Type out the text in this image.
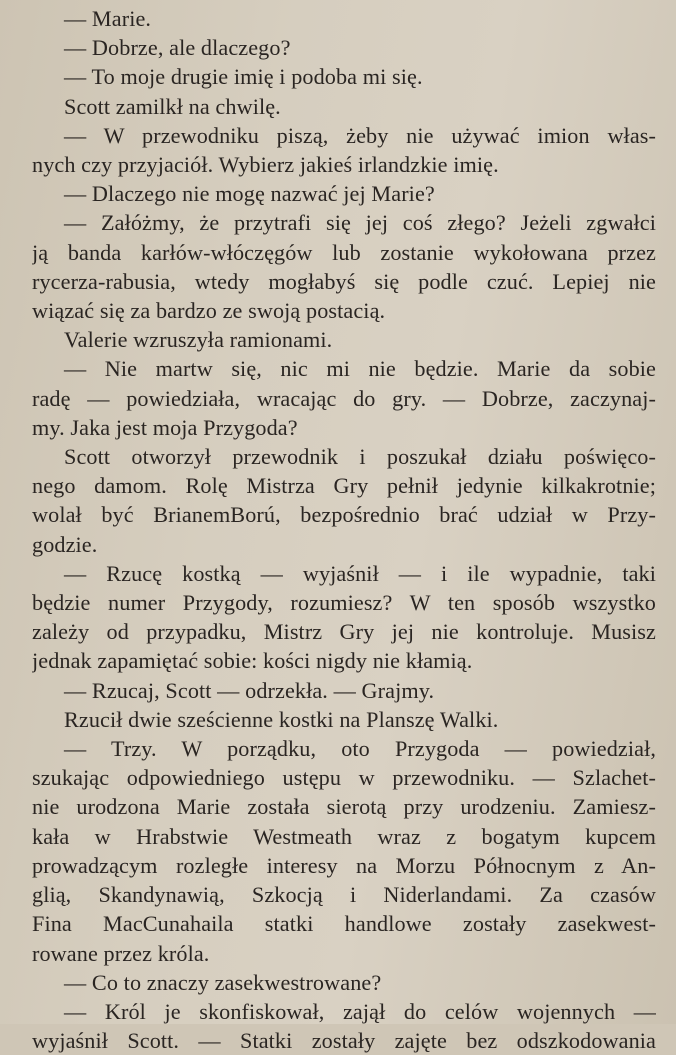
— Marie.
— Dobrze, ale dlaczego?
— To moje drugie imię i podoba mi się.
Scott zamilkł na chwilę.
— W przewodniku piszą, żeby nie używać imion włas-
nych czy przyjaciół. Wybierz jakieś irlandzkie imię.
— Dlaczego nie mogę nazwać jej Marie?
— Załóżmy, że przytrafi się jej coś złego? Jeżeli zgwałci
ją banda karłów-włóczęgów lub zostanie wykołowana przez
rycerza-rabusia, wtedy mogłabyś się podle czuć. Lepiej nie
wiązać się za bardzo ze swoją postacią.
Valerie wzruszyła ramionami.
— Nie martw się, nic mi nie będzie. Marie da sobie
radę — powiedziała, wracając do gry. — Dobrze, zaczynaj-
my. Jaka jest moja Przygoda?
Scott otworzył przewodnik i poszukał działu poświęco-
nego damom. Rolę Mistrza Gry pełnił jedynie kilkakrotnie;
wolał być BrianemBorú, bezpośrednio brać udział w Przy-
godzie.
— Rzucę kostką — wyjaśnił — i ile wypadnie, taki
będzie numer Przygody, rozumiesz? W ten sposób wszystko
zależy od przypadku, Mistrz Gry jej nie kontroluje. Musisz
jednak zapamiętać sobie: kości nigdy nie kłamią.
— Rzucaj, Scott — odrzekła. — Grajmy.
Rzucił dwie sześcienne kostki na Planszę Walki.
— Trzy. W porządku, oto Przygoda — powiedział,
szukając odpowiedniego ustępu w przewodniku. — Szlachet-
nie urodzona Marie została sierotą przy urodzeniu. Zamiesz-
kała w Hrabstwie Westmeath wraz z bogatym kupcem
prowadzącym rozległe interesy na Morzu Północnym z An-
glią, Skandynawią, Szkocją i Niderlandami. Za czasów
Fina MacCunahaila statki handlowe zostały zasekwest-
rowane przez króla.
— Co to znaczy zasekwestrowane?
— Król je skonfiskował, zajął do celów wojennych —
wyjaśnił Scott. — Statki zostały zajęte bez odszkodowania
